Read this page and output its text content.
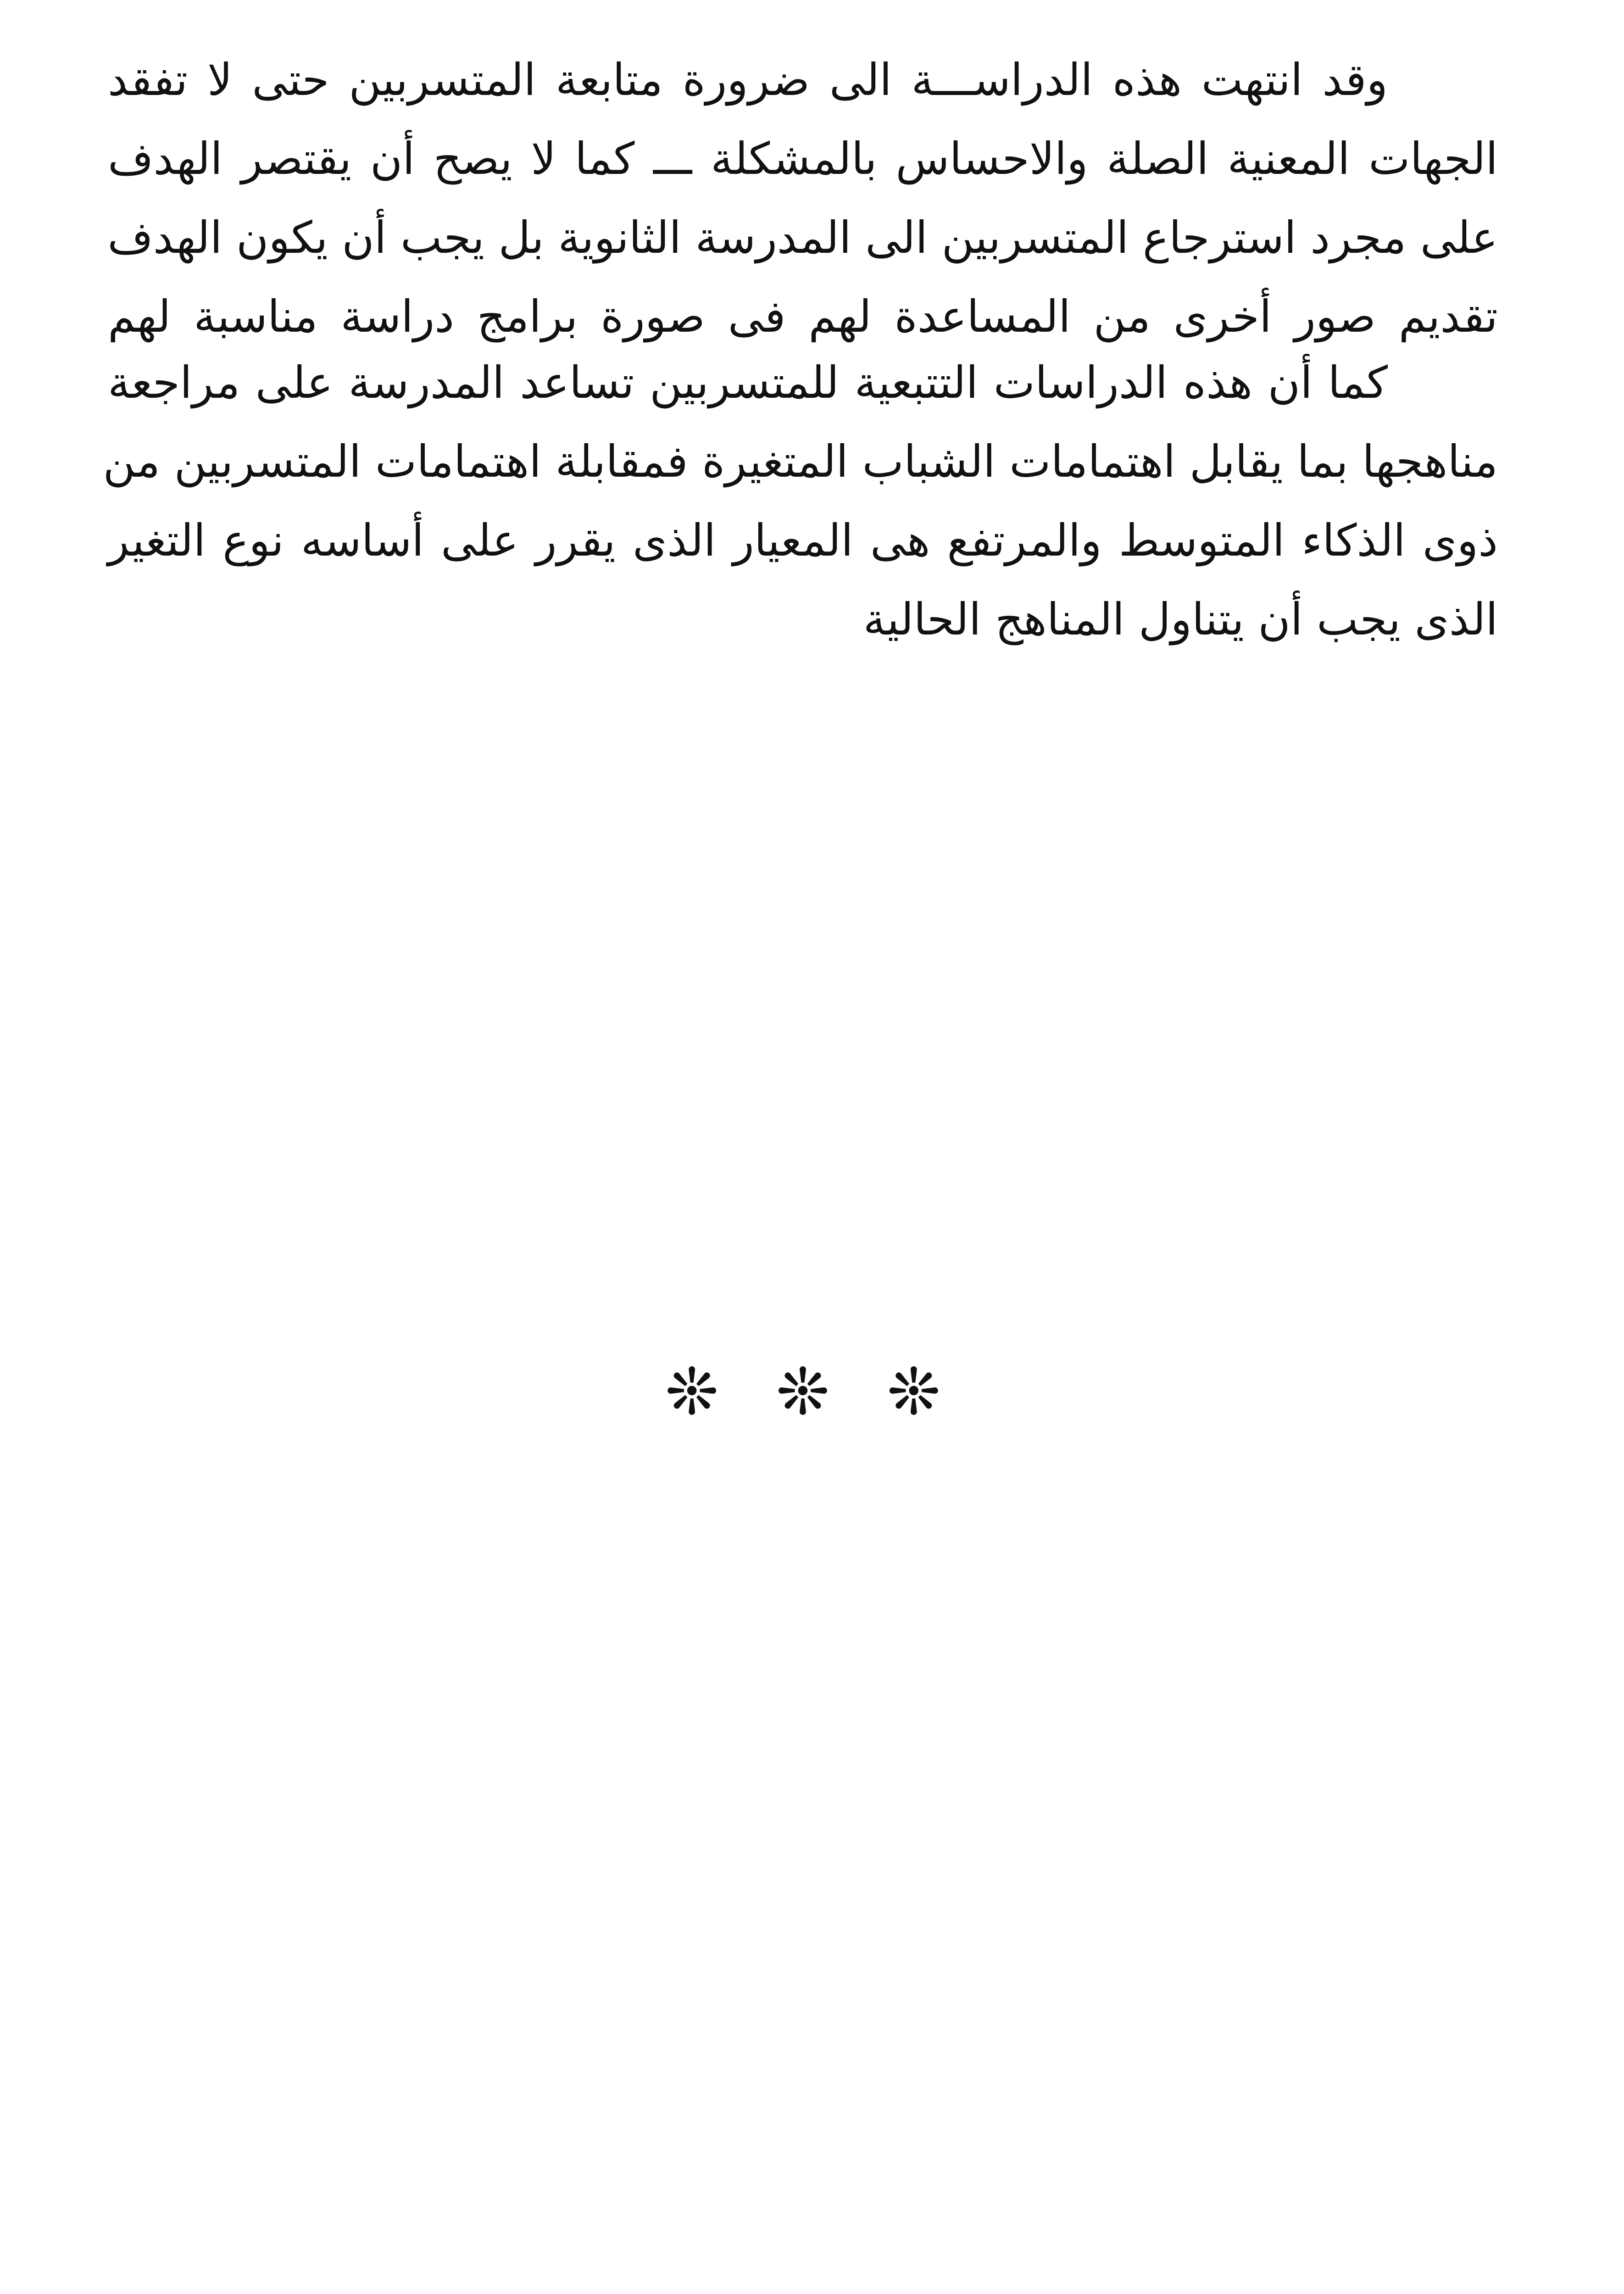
وقد انتهت هذه الدراســـة الى ضرورة متابعة المتسربين حتى لا تفقد
الجهات المعنية الصلة والاحساس بالمشكلة ـــ كما لا يصح أن يقتصر الهدف
على مجرد استرجاع المتسربين الى المدرسة الثانوية بل يجب أن يكون الهدف
تقديم صور أخرى من المساعدة لهم فى صورة برامج دراسة مناسبة لهم
كما أن هذه الدراسات التتبعية للمتسربين تساعد المدرسة على مراجعة
مناهجها بما يقابل اهتمامات الشباب المتغيرة فمقابلة اهتمامات المتسربين من
ذوى الذكاء المتوسط والمرتفع هى المعيار الذى يقرر على أساسه نوع التغير
الذى يجب أن يتناول المناهج الحالية
❊ ❊ ❊
